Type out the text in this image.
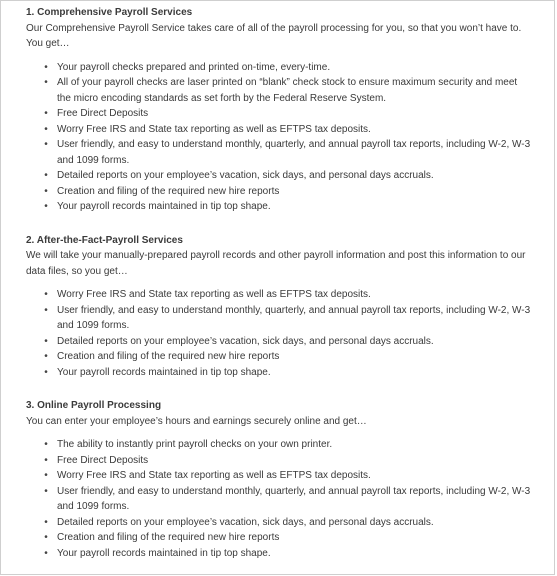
1. Comprehensive Payroll Services

Our Comprehensive Payroll Service takes care of all of the payroll processing for you, so that you won’t have to. You get…

• Your payroll checks prepared and printed on-time, every-time.
• All of your payroll checks are laser printed on “blank” check stock to ensure maximum security and meet the micro encoding standards as set forth by the Federal Reserve System.
• Free Direct Deposits
• Worry Free IRS and State tax reporting as well as EFTPS tax deposits.
• User friendly, and easy to understand monthly, quarterly, and annual payroll tax reports, including W-2, W-3 and 1099 forms.
• Detailed reports on your employee’s vacation, sick days, and personal days accruals.
• Creation and filing of the required new hire reports
• Your payroll records maintained in tip top shape.

2. After-the-Fact-Payroll Services

We will take your manually-prepared payroll records and other payroll information and post this information to our data files, so you get…

• Worry Free IRS and State tax reporting as well as EFTPS tax deposits.
• User friendly, and easy to understand monthly, quarterly, and annual payroll tax reports, including W-2, W-3 and 1099 forms.
• Detailed reports on your employee’s vacation, sick days, and personal days accruals.
• Creation and filing of the required new hire reports
• Your payroll records maintained in tip top shape.

3. Online Payroll Processing

You can enter your employee’s hours and earnings securely online and get…

• The ability to instantly print payroll checks on your own printer.
• Free Direct Deposits
• Worry Free IRS and State tax reporting as well as EFTPS tax deposits.
• User friendly, and easy to understand monthly, quarterly, and annual payroll tax reports, including W-2, W-3 and 1099 forms.
• Detailed reports on your employee’s vacation, sick days, and personal days accruals.
• Creation and filing of the required new hire reports
• Your payroll records maintained in tip top shape.
